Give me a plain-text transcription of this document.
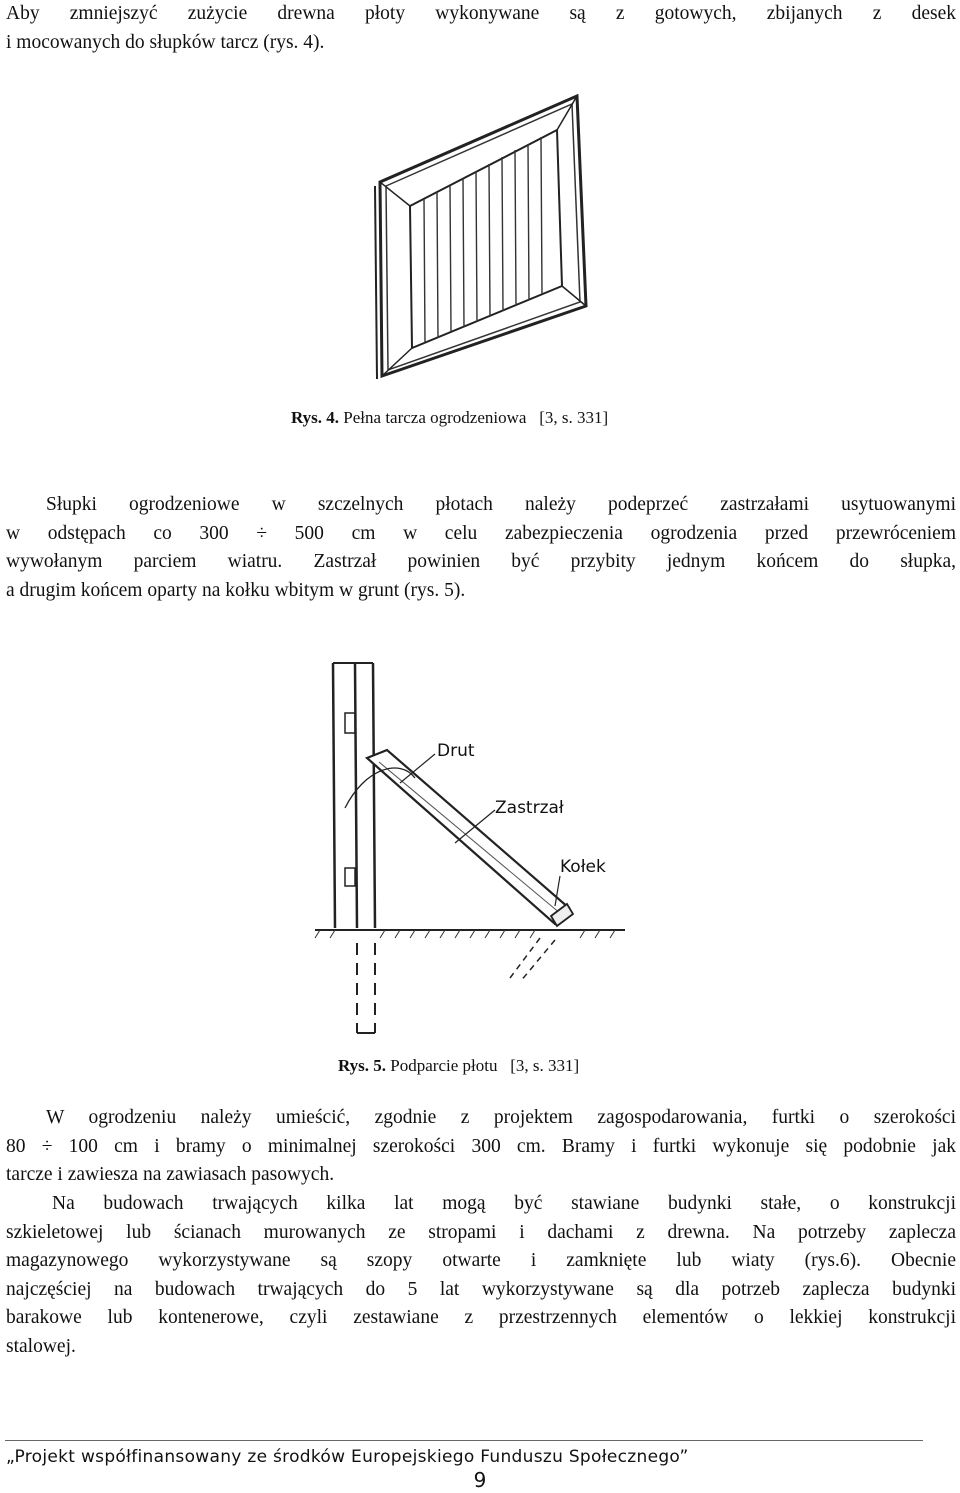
Aby zmniejszyć zużycie drewna płoty wykonywane są z gotowych, zbijanych z desek
i mocowanych do słupków tarcz (rys. 4).
Rys. 4. Pełna tarcza ogrodzeniowa [3, s. 331]
Słupki ogrodzeniowe w szczelnych płotach należy podeprzeć zastrzałami usytuowanymi
w odstępach co 300 ÷ 500 cm w celu zabezpieczenia ogrodzenia przed przewróceniem
wywołanym parciem wiatru. Zastrzał powinien być przybity jednym końcem do słupka,
a drugim końcem oparty na kołku wbitym w grunt (rys. 5).
Drut
Zastrzał
Kołek
Rys. 5. Podparcie płotu [3, s. 331]
W ogrodzeniu należy umieścić, zgodnie z projektem zagospodarowania, furtki o szerokości
80 ÷ 100 cm i bramy o minimalnej szerokości 300 cm. Bramy i furtki wykonuje się podobnie jak
tarcze i zawiesza na zawiasach pasowych.
Na budowach trwających kilka lat mogą być stawiane budynki stałe, o konstrukcji
szkieletowej lub ścianach murowanych ze stropami i dachami z drewna. Na potrzeby zaplecza
magazynowego wykorzystywane są szopy otwarte i zamknięte lub wiaty (rys.6). Obecnie
najczęściej na budowach trwających do 5 lat wykorzystywane są dla potrzeb zaplecza budynki
barakowe lub kontenerowe, czyli zestawiane z przestrzennych elementów o lekkiej konstrukcji
stalowej.
„Projekt współfinansowany ze środków Europejskiego Funduszu Społecznego”
9
